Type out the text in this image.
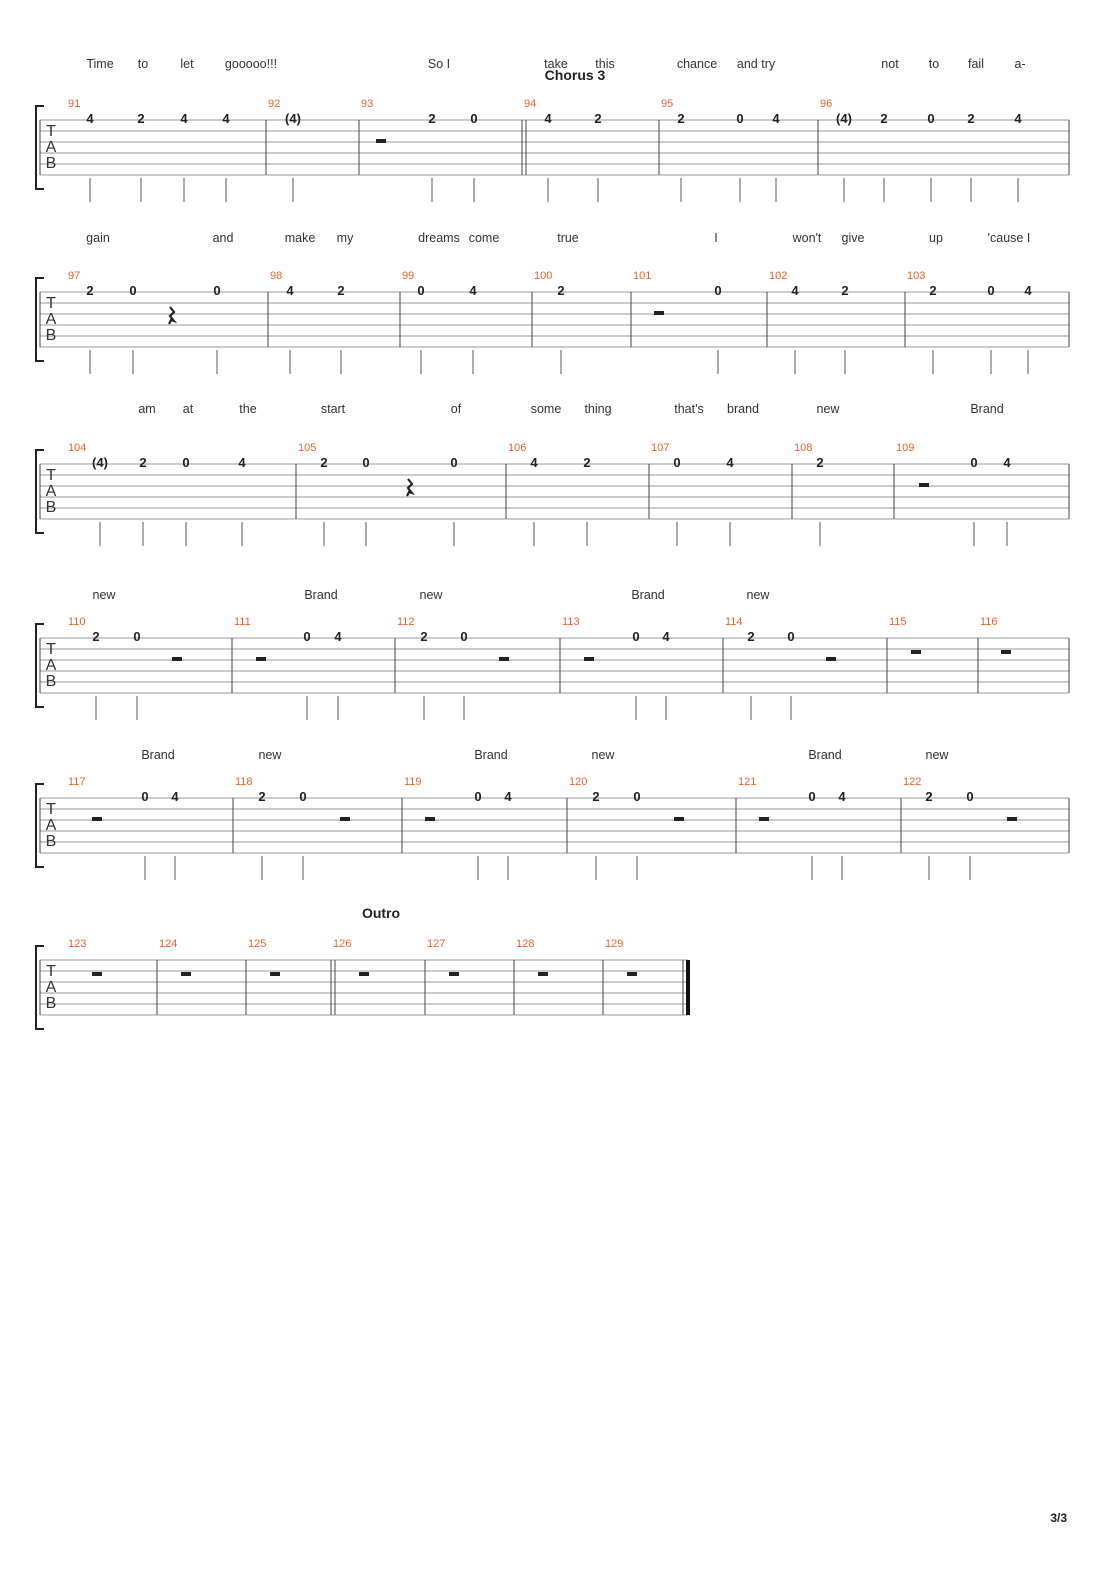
T
A
B
Chorus 3
Time to	let	gooooo!!!	So I	take this	chance and try	not to fail a-
91
4	2	4	4
92
(4)
93
2	0
94
4	2
95
2	0 4
96
(4) 2	0	2	4
T
A
B
gain	and	make my	dreams come	true	I	won't give	up	'cause I
97
2	0	0
98
4	2
99
0	4
100
2
101
0
102
4	2
103
2	0 4
T
A
B
am at	the	start	of	some thing	that's brand	new	Brand
104
(4) 2	0	4
105
2	0	0
106
4	2
107
0	4
108
2
109
0 4
T
A
B
new	Brand	new	Brand	new
110
2	0
111
0 4
112
2	0
113
0 4
114
2	0
115	116
T
A
B
Brand	new	Brand	new	Brand	new
117
0 4
118
2	0
119
0 4
120
2	0
121
0 4
122
2	0
T
A
B
Outro
123	124	125	126	127	128	129
3/3
